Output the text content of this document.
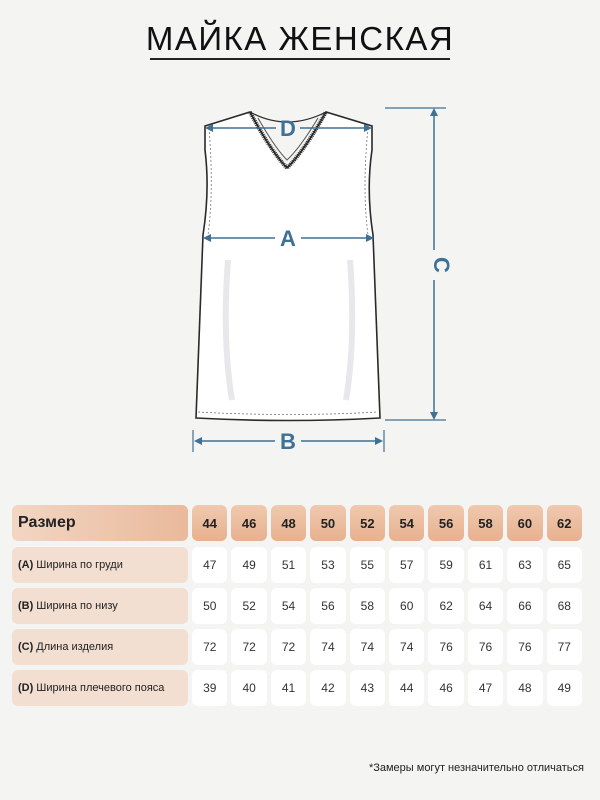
МАЙКА ЖЕНСКАЯ
D
A
B
C
Размер	44	46	48	50	52	54	56	58	60	62
(A) Ширина по груди	47	49	51	53	55	57	59	61	63	65
(B) Ширина по низу	50	52	54	56	58	60	62	64	66	68
(C) Длина изделия	72	72	72	74	74	74	76	76	76	77
(D) Ширина плечевого пояса	39	40	41	42	43	44	46	47	48	49
*Замеры могут незначительно отличаться
